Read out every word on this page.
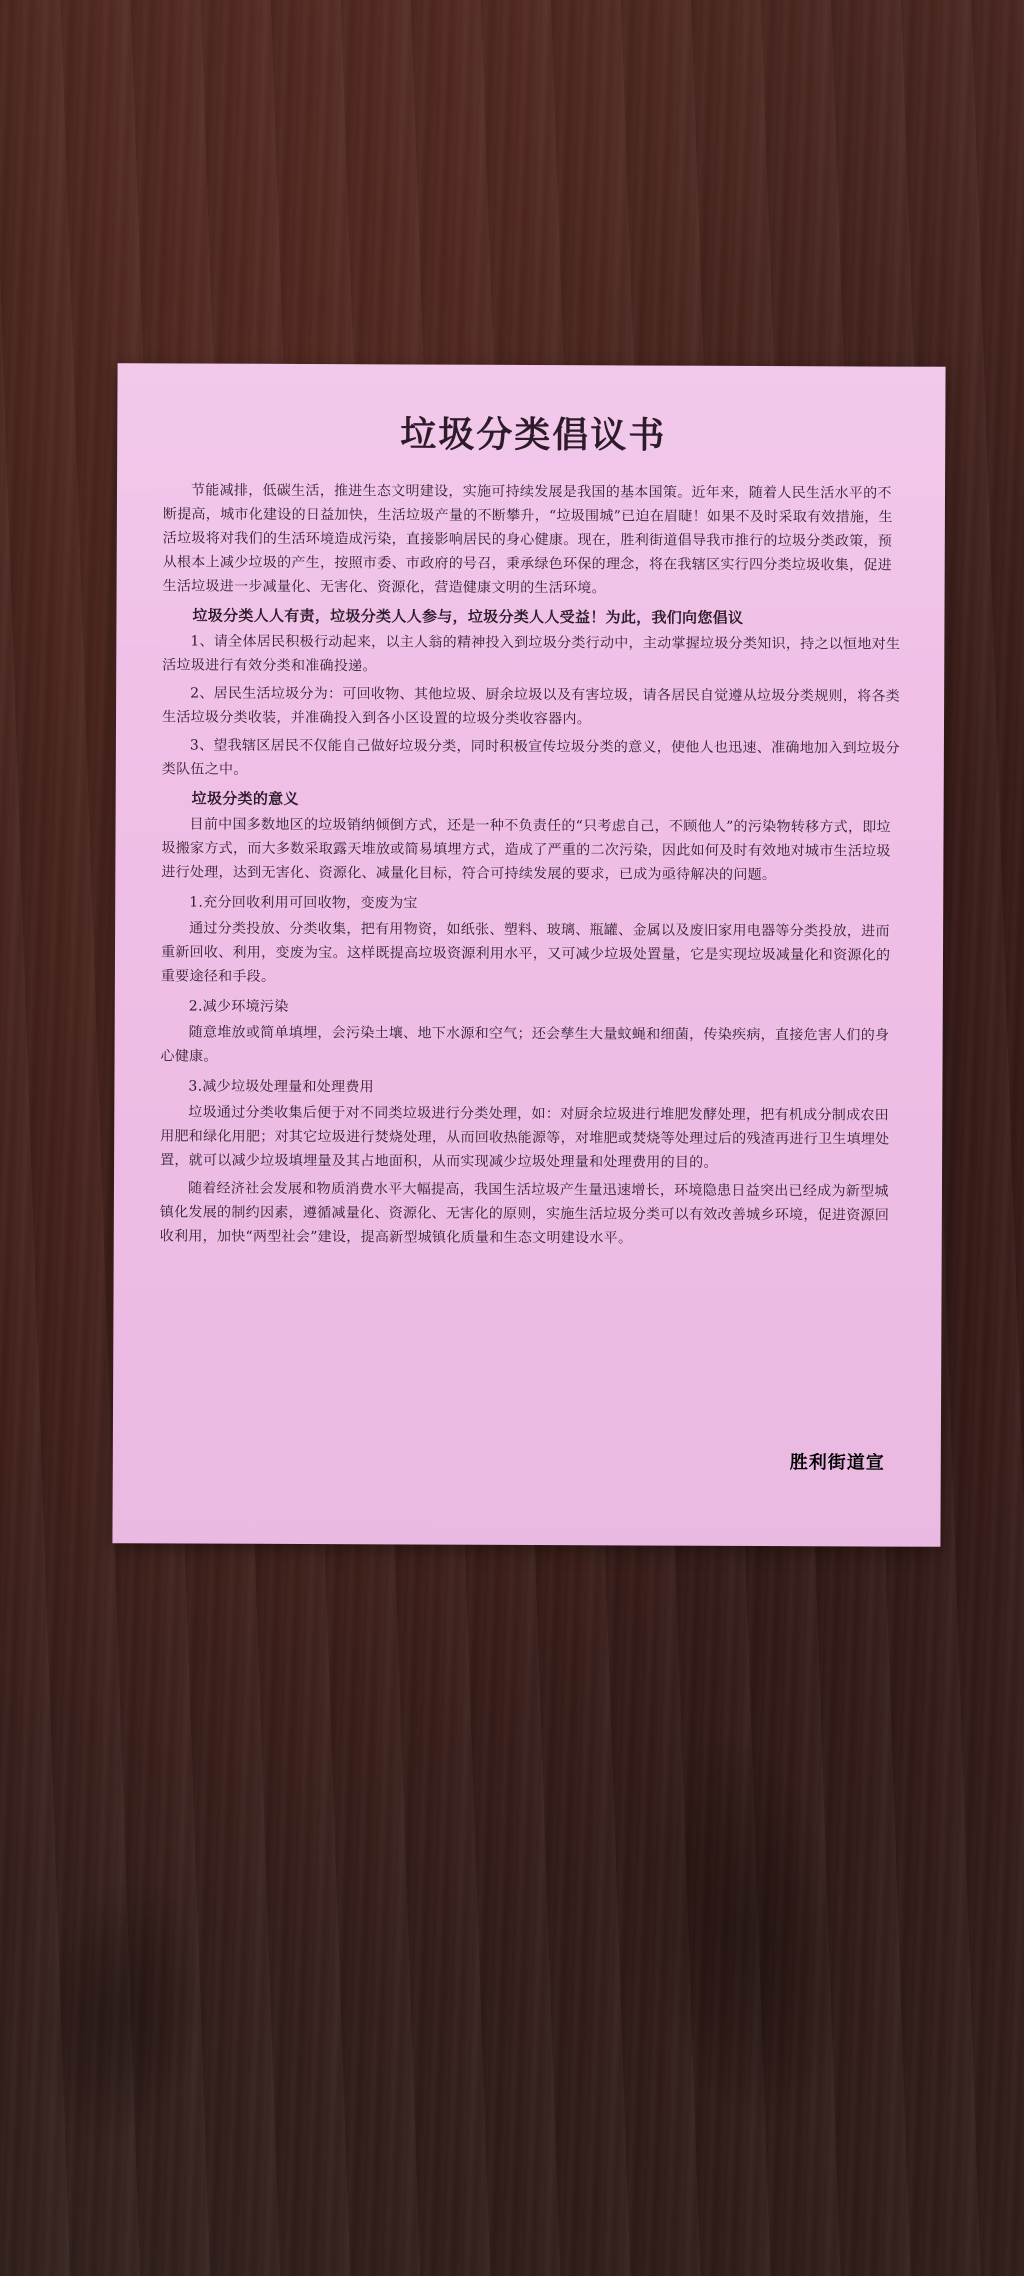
垃圾分类倡议书

节能减排，低碳生活，推进生态文明建设，实施可持续发展是我国的基本国策。近年来，随着人民生活水平的不断提高，城市化建设的日益加快，生活垃圾产量的不断攀升，“垃圾围城”已迫在眉睫！如果不及时采取有效措施，生活垃圾将对我们的生活环境造成污染，直接影响居民的身心健康。现在，胜利街道倡导我市推行的垃圾分类政策，预从根本上减少垃圾的产生，按照市委、市政府的号召，秉承绿色环保的理念，将在我辖区实行四分类垃圾收集，促进生活垃圾进一步减量化、无害化、资源化，营造健康文明的生活环境。

垃圾分类人人有责，垃圾分类人人参与，垃圾分类人人受益！为此，我们向您倡议

1、请全体居民积极行动起来，以主人翁的精神投入到垃圾分类行动中，主动掌握垃圾分类知识，持之以恒地对生活垃圾进行有效分类和准确投递。

2、居民生活垃圾分为：可回收物、其他垃圾、厨余垃圾以及有害垃圾，请各居民自觉遵从垃圾分类规则，将各类生活垃圾分类收装，并准确投入到各小区设置的垃圾分类收容器内。

3、望我辖区居民不仅能自己做好垃圾分类，同时积极宣传垃圾分类的意义，使他人也迅速、准确地加入到垃圾分类队伍之中。

垃圾分类的意义

目前中国多数地区的垃圾销纳倾倒方式，还是一种不负责任的“只考虑自己，不顾他人”的污染物转移方式，即垃圾搬家方式，而大多数采取露天堆放或简易填埋方式，造成了严重的二次污染，因此如何及时有效地对城市生活垃圾进行处理，达到无害化、资源化、减量化目标，符合可持续发展的要求，已成为亟待解决的问题。

1.充分回收利用可回收物，变废为宝

通过分类投放、分类收集，把有用物资，如纸张、塑料、玻璃、瓶罐、金属以及废旧家用电器等分类投放，进而重新回收、利用，变废为宝。这样既提高垃圾资源利用水平，又可减少垃圾处置量，它是实现垃圾减量化和资源化的重要途径和手段。

2.减少环境污染

随意堆放或简单填埋，会污染土壤、地下水源和空气；还会孳生大量蚊蝇和细菌，传染疾病，直接危害人们的身心健康。

3.减少垃圾处理量和处理费用

垃圾通过分类收集后便于对不同类垃圾进行分类处理，如：对厨余垃圾进行堆肥发酵处理，把有机成分制成农田用肥和绿化用肥；对其它垃圾进行焚烧处理，从而回收热能源等，对堆肥或焚烧等处理过后的残渣再进行卫生填埋处置，就可以减少垃圾填埋量及其占地面积，从而实现减少垃圾处理量和处理费用的目的。

随着经济社会发展和物质消费水平大幅提高，我国生活垃圾产生量迅速增长，环境隐患日益突出已经成为新型城镇化发展的制约因素，遵循减量化、资源化、无害化的原则，实施生活垃圾分类可以有效改善城乡环境，促进资源回收利用，加快“两型社会”建设，提高新型城镇化质量和生态文明建设水平。

胜利街道宣
